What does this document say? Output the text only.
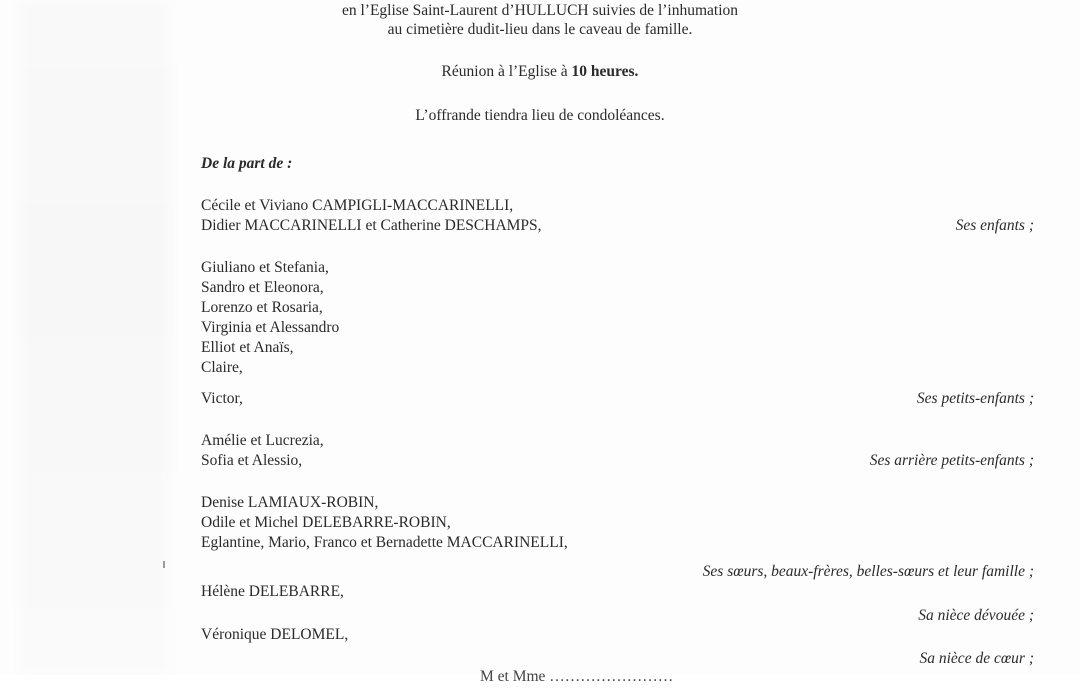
en l’Eglise Saint-Laurent d’HULLUCH suivies de l’inhumation
au cimetière dudit-lieu dans le caveau de famille.
Réunion à l’Eglise à 10 heures.
L’offrande tiendra lieu de condoléances.
De la part de :
Cécile et Viviano CAMPIGLI-MACCARINELLI,
Didier MACCARINELLI et Catherine DESCHAMPS,	Ses enfants ;
Giuliano et Stefania,
Sandro et Eleonora,
Lorenzo et Rosaria,
Virginia et Alessandro
Elliot et Anaïs,
Claire,
Victor,	Ses petits-enfants ;
Amélie et Lucrezia,
Sofia et Alessio,	Ses arrière petits-enfants ;
Denise LAMIAUX-ROBIN,
Odile et Michel DELEBARRE-ROBIN,
Eglantine, Mario, Franco et Bernadette MACCARINELLI,
Ses sœurs, beaux-frères, belles-sœurs et leur famille ;
Hélène DELEBARRE,
Sa nièce dévouée ;
Véronique DELOMEL,
Sa nièce de cœur ;
M et Mme ……………………
